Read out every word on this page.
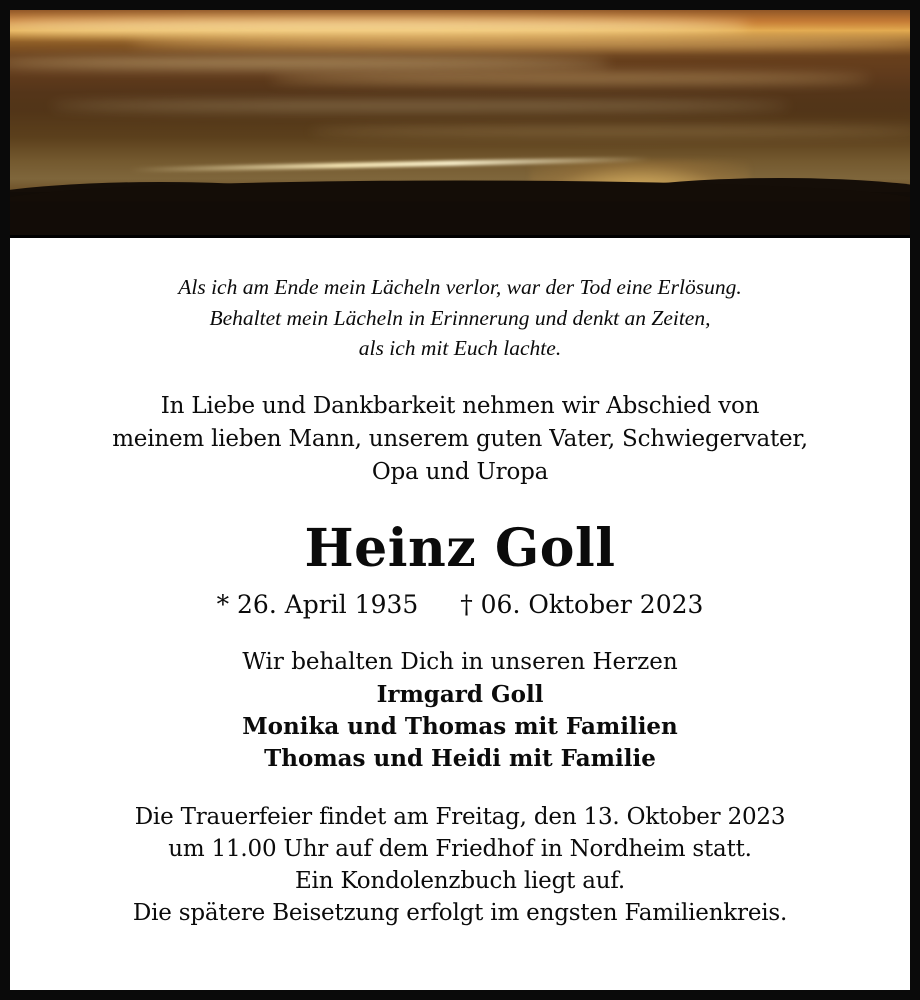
Als ich am Ende mein Lächeln verlor, war der Tod eine Erlösung.
Behaltet mein Lächeln in Erinnerung und denkt an Zeiten,
als ich mit Euch lachte.
In Liebe und Dankbarkeit nehmen wir Abschied von
meinem lieben Mann, unserem guten Vater, Schwiegervater,
Opa und Uropa
Heinz Goll
* 26. April 1935 † 06. Oktober 2023
Wir behalten Dich in unseren Herzen
Irmgard Goll
Monika und Thomas mit Familien
Thomas und Heidi mit Familie
Die Trauerfeier findet am Freitag, den 13. Oktober 2023
um 11.00 Uhr auf dem Friedhof in Nordheim statt.
Ein Kondolenzbuch liegt auf.
Die spätere Beisetzung erfolgt im engsten Familienkreis.
